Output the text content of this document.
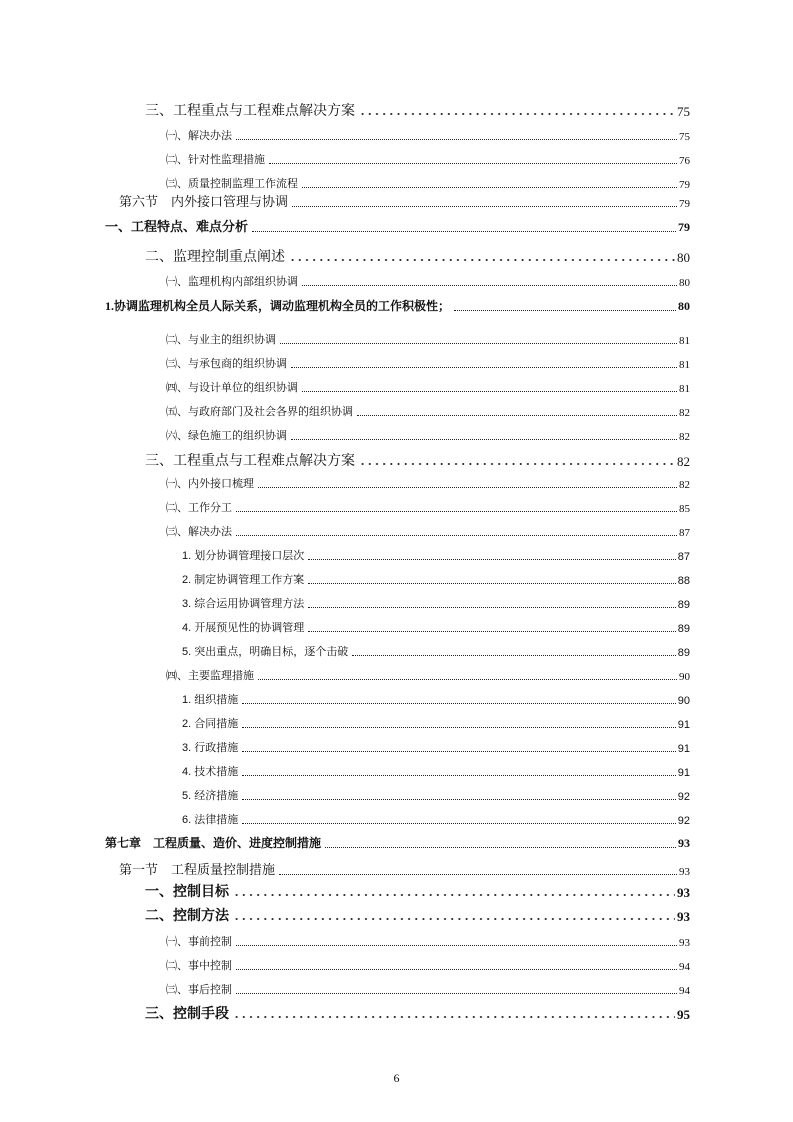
三、工程重点与工程难点解决方案	75
㈠、解决办法	75
㈡、针对性监理措施	76
㈢、质量控制监理工作流程	79
第六节　内外接口管理与协调	79
一、工程特点、难点分析	79
二、监理控制重点阐述	80
㈠、监理机构内部组织协调	80
1.协调监理机构全员人际关系，调动监理机构全员的工作积极性；	80
㈡、与业主的组织协调	81
㈢、与承包商的组织协调	81
㈣、与设计单位的组织协调	81
㈤、与政府部门及社会各界的组织协调	82
㈥、绿色施工的组织协调	82
三、工程重点与工程难点解决方案	82
㈠、内外接口梳理	82
㈡、工作分工	85
㈢、解决办法	87
1. 划分协调管理接口层次	87
2. 制定协调管理工作方案	88
3. 综合运用协调管理方法	89
4. 开展预见性的协调管理	89
5. 突出重点，明确目标，逐个击破	89
㈣、主要监理措施	90
1. 组织措施	90
2. 合同措施	91
3. 行政措施	91
4. 技术措施	91
5. 经济措施	92
6. 法律措施	92
第七章　工程质量、造价、进度控制措施	93
第一节　工程质量控制措施	93
一、控制目标	93
二、控制方法	93
㈠、事前控制	93
㈡、事中控制	94
㈢、事后控制	94
三、控制手段	95
6
